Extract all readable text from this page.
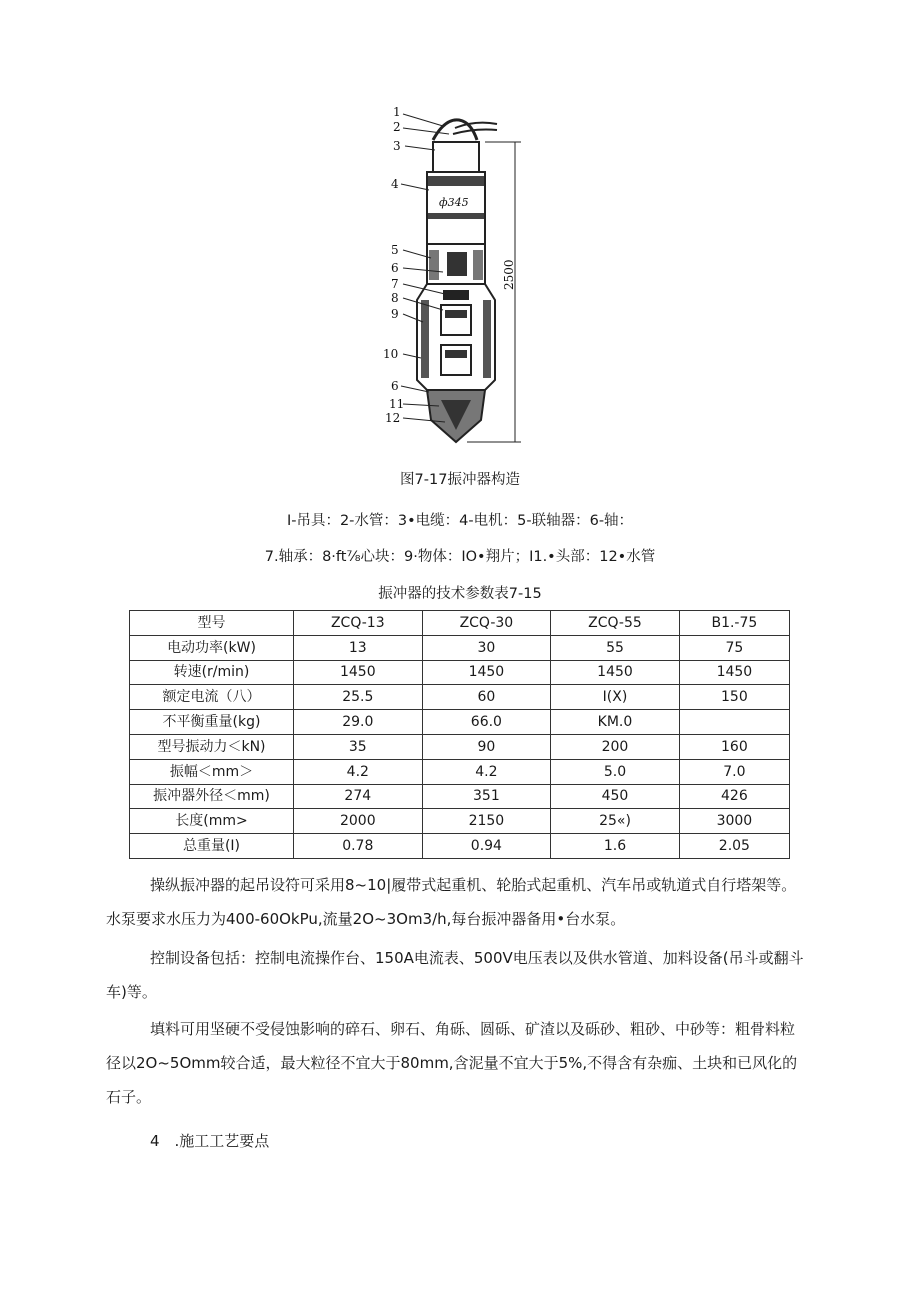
ф345
2500
1
2
3
4
5
6
7
8
9
10
6
11
12
图7-17振冲器构造
I-吊具：2-水管：3•电缆：4-电机：5-联轴器：6-轴：
7.轴承：8·ft⅞心块：9·物体：IO•翔片；I1.•头部：12•水管
振冲器的技术参数表7-15
型号	ZCQ-13	ZCQ-30	ZCQ-55	B1.-75
电动功率(kW)	13	30	55	75
转速(r/min)	1450	1450	1450	1450
额定电流（八）	25.5	60	I(X)	150
不平衡重量(kg)	29.0	66.0	KM.0	
型号振动力＜kN)	35	90	200	160
振幅＜mm＞	4.2	4.2	5.0	7.0
振冲器外径＜mm)	274	351	450	426
长度(mm>	2000	2150	25«)	3000
总重量(I)	0.78	0.94	1.6	2.05
操纵振冲器的起吊设符可采用8~10|履带式起重机、轮胎式起重机、汽车吊或轨道式自行塔架等。水泵要求水压力为400-60OkPu,流量2O~3Om3∕h,每台振冲器备用•台水泵。
控制设备包括：控制电流操作台、150A电流表、500V电压表以及供水管道、加料设备(吊斗或翻斗车)等。
填料可用坚硬不受侵蚀影响的碎石、卵石、角砾、圆砾、矿渣以及砾砂、粗砂、中砂等：粗骨料粒径以2O~5Omm较合适，最大粒径不宜大于80mm,含泥量不宜大于5%,不得含有杂痂、土块和已风化的石子。
4　.施工工艺要点
